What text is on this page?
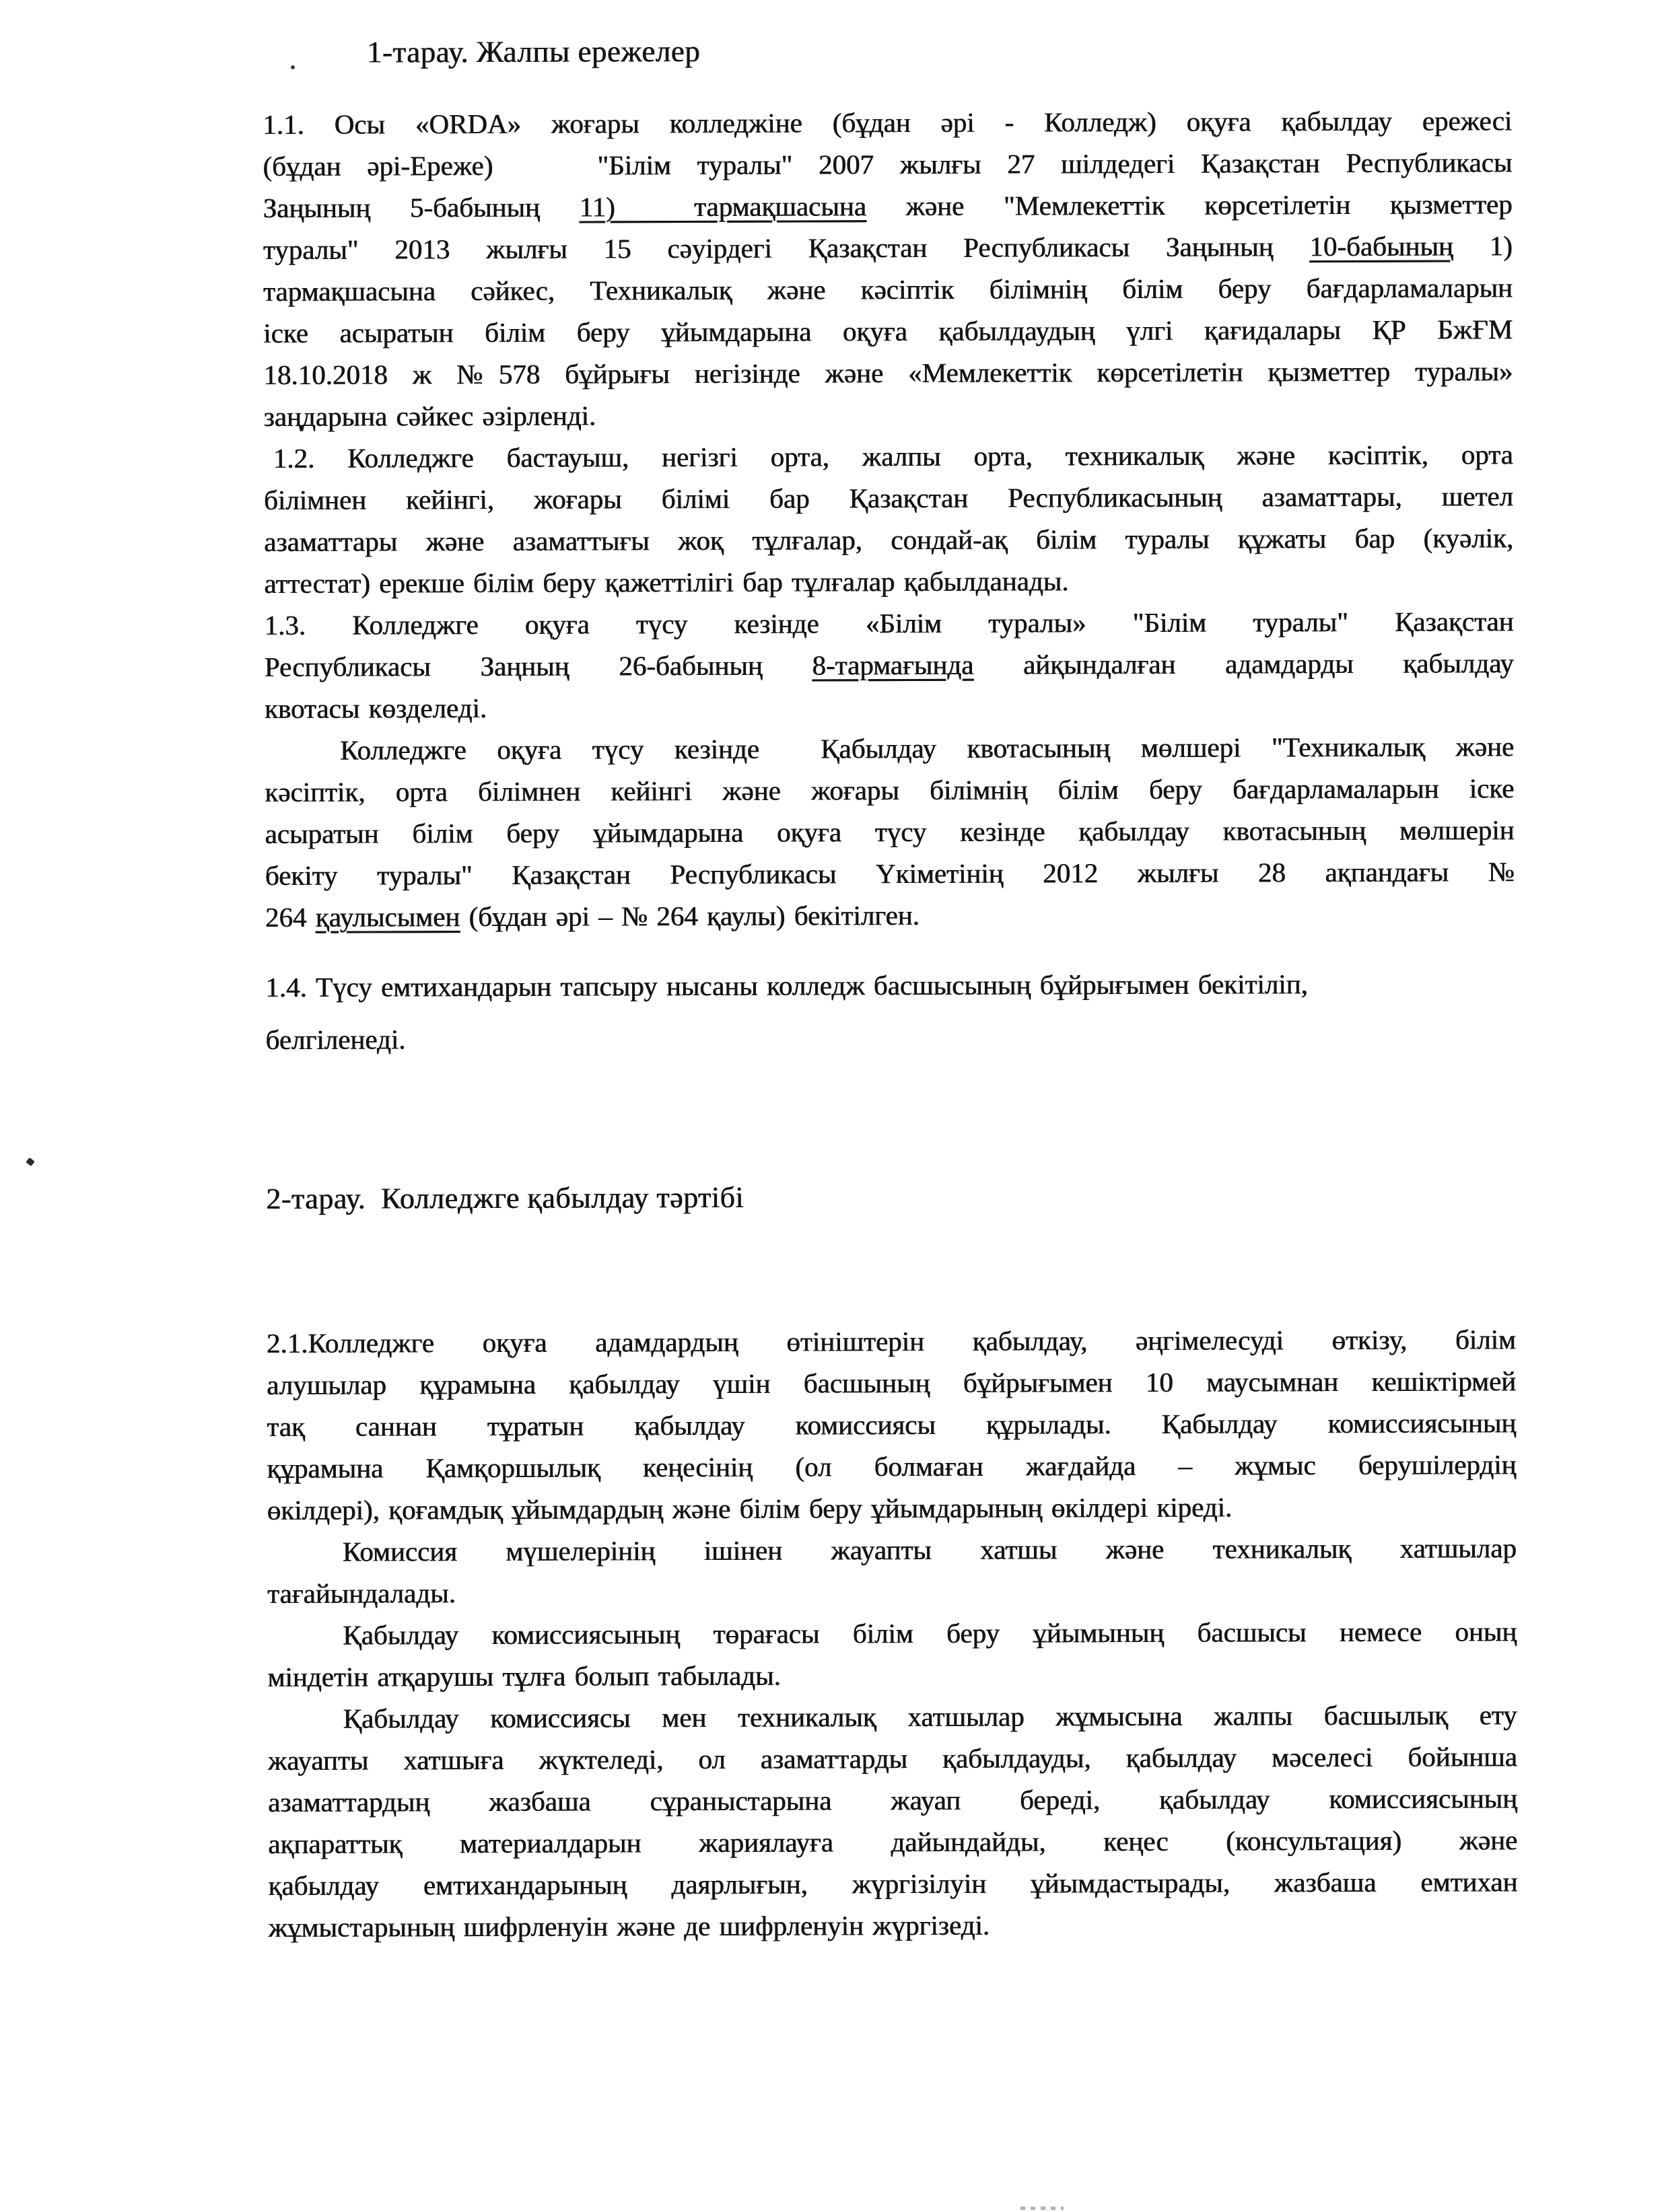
1-тарау. Жалпы ережелер
1.1. Осы «ORDA» жоғары колледжіне (бұдан әрі - Колледж) оқуға қабылдау ережесі
(бұдан әрі-Ереже)    "Білім туралы" 2007 жылғы 27 шілдедегі Қазақстан Республикасы
Заңының 5-бабының 11)  тармақшасына және "Мемлекеттік көрсетілетін қызметтер
туралы" 2013 жылғы 15 сәуірдегі Қазақстан Республикасы Заңының 10-бабының 1)
тармақшасына сәйкес, Техникалық және кәсіптік білімнің білім беру бағдарламаларын
іске асыратын білім беру ұйымдарына оқуға қабылдаудың үлгі қағидалары ҚР БжҒМ
18.10.2018 ж №578 бұйрығы негізінде және «Мемлекеттік көрсетілетін қызметтер туралы»
заңдарына сәйкес әзірленді.
1.2. Колледжге бастауыш, негізгі орта, жалпы орта, техникалық және кәсіптік, орта
білімнен кейінгі, жоғары білімі бар Қазақстан Республикасының азаматтары, шетел
азаматтары және азаматтығы жоқ тұлғалар, сондай-ақ білім туралы құжаты бар (куәлік,
аттестат) ерекше білім беру қажеттілігі бар тұлғалар қабылданады.
1.3. Колледжге оқуға түсу кезінде «Білім туралы» "Білім туралы" Қазақстан
Республикасы Заңның 26-бабының 8-тармағында айқындалған адамдарды қабылдау
квотасы көзделеді.
Колледжге оқуға түсу кезінде  Қабылдау квотасының мөлшері "Техникалық және
кәсіптік, орта білімнен кейінгі және жоғары білімнің білім беру бағдарламаларын іске
асыратын білім беру ұйымдарына оқуға түсу кезінде қабылдау квотасының мөлшерін
бекіту туралы" Қазақстан Республикасы Үкіметінің 2012 жылғы 28 ақпандағы №
264 қаулысымен (бұдан әрі – № 264 қаулы) бекітілген.
1.4. Түсу емтихандарын тапсыру нысаны колледж басшысының бұйрығымен бекітіліп,
белгіленеді.
2-тарау.  Колледжге қабылдау тәртібі
2.1.Колледжге оқуға адамдардың өтініштерін қабылдау, әңгімелесуді өткізу, білім
алушылар құрамына қабылдау үшін басшының бұйрығымен 10 маусымнан кешіктірмей
тақ саннан тұратын қабылдау комиссиясы құрылады. Қабылдау комиссиясының
құрамына Қамқоршылық кеңесінің (ол болмаған жағдайда – жұмыс берушілердің
өкілдері), қоғамдық ұйымдардың және білім беру ұйымдарының өкілдері кіреді.
Комиссия мүшелерінің ішінен жауапты хатшы және техникалық хатшылар
тағайындалады.
Қабылдау комиссиясының төрағасы білім беру ұйымының басшысы немесе оның
міндетін атқарушы тұлға болып табылады.
Қабылдау комиссиясы мен техникалық хатшылар жұмысына жалпы басшылық ету
жауапты хатшыға жүктеледі, ол азаматтарды қабылдауды, қабылдау мәселесі бойынша
азаматтардың жазбаша сұраныстарына жауап береді, қабылдау комиссиясының
ақпараттық материалдарын жариялауға дайындайды, кеңес (консультация) және
қабылдау емтихандарының даярлығын, жүргізілуін ұйымдастырады, жазбаша емтихан
жұмыстарының шифрленуін және де шифрленуін жүргізеді.
